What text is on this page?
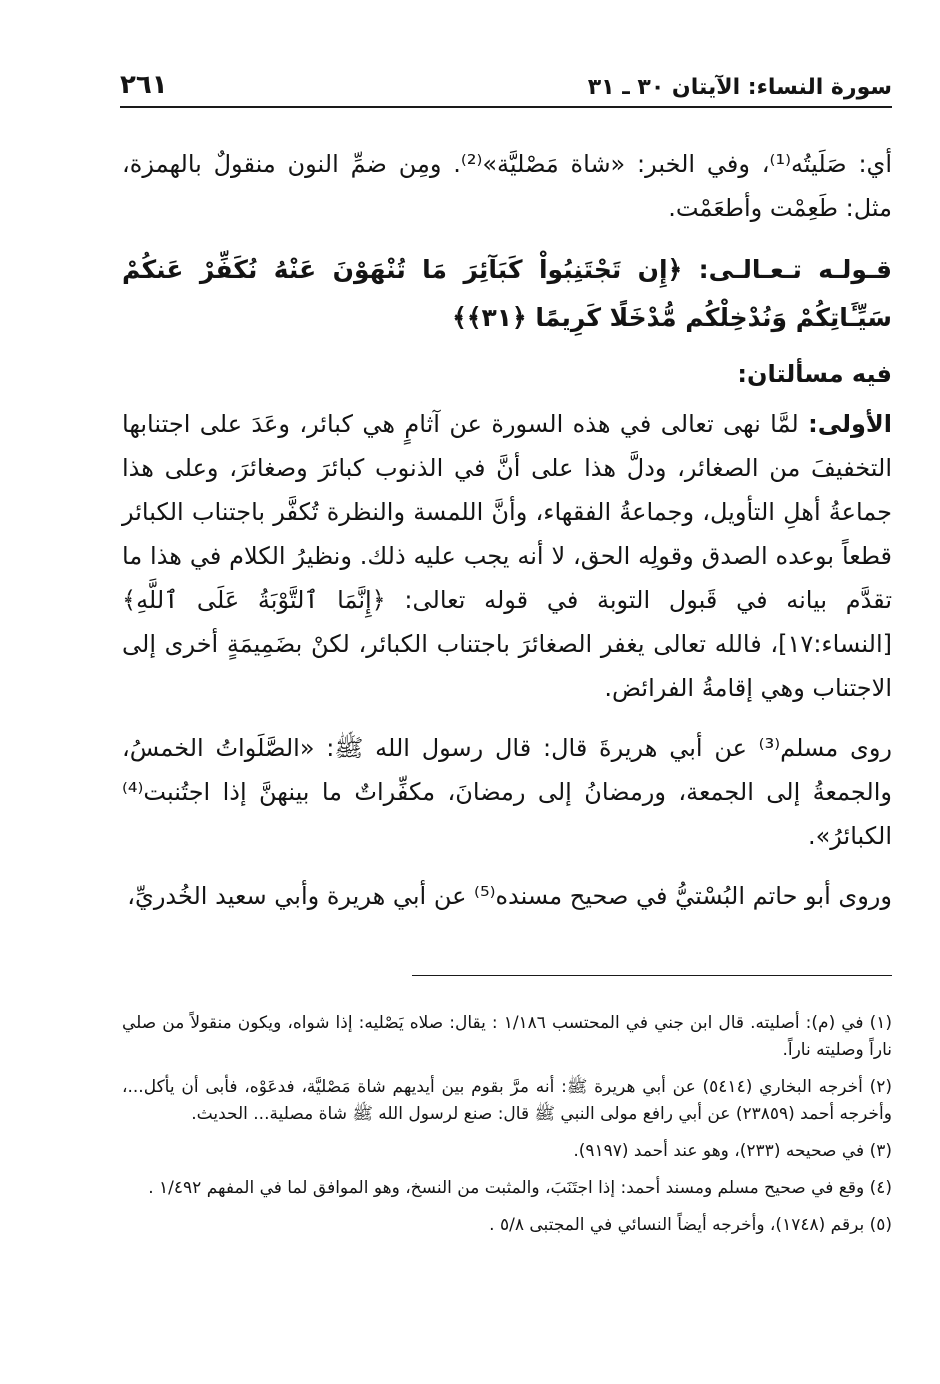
سورة النساء: الآيتان ٣٠ ـ ٣١
٢٦١

أي: صَلَيتُه⁽¹⁾، وفي الخبر: «شاة مَصْليَّة»⁽²⁾. ومِن ضمِّ النون منقولٌ بالهمزة، مثل: طَعِمْت وأطعَمْت.

قـولـه تـعـالـى: ﴿إِن تَجْتَنِبُواْ كَبَآئِرَ مَا تُنْهَوْنَ عَنْهُ نُكَفِّرْ عَنكُمْ سَيِّـَٔاتِكُمْ وَنُدْخِلْكُم مُّدْخَلًا كَرِيمًا ﴿٣١﴾﴾

فيه مسألتان:

الأولى: لمَّا نهى تعالى في هذه السورة عن آثامٍ هي كبائر، وعَدَ على اجتنابها التخفيفَ من الصغائر، ودلَّ هذا على أنَّ في الذنوب كبائرَ وصغائرَ، وعلى هذا جماعةُ أهلِ التأويل، وجماعةُ الفقهاء، وأنَّ اللمسة والنظرة تُكفَّر باجتناب الكبائر قطعاً بوعده الصدق وقولِه الحق، لا أنه يجب عليه ذلك. ونظيرُ الكلام في هذا ما تقدَّم بيانه في قَبول التوبة في قوله تعالى: ﴿إِنَّمَا ٱلتَّوْبَةُ عَلَى ٱللَّهِ﴾ [النساء:١٧]، فالله تعالى يغفر الصغائرَ باجتناب الكبائر، لكنْ بضَمِيمَةٍ أخرى إلى الاجتناب وهي إقامةُ الفرائض.

روى مسلم⁽³⁾ عن أبي هريرةَ قال: قال رسول الله ﷺ: «الصَّلَواتُ الخمسُ، والجمعةُ إلى الجمعة، ورمضانُ إلى رمضانَ، مكفِّراتٌ ما بينهنَّ إذا اجتُنبت⁽⁴⁾ الكبائرُ».

وروى أبو حاتم البُسْتيُّ في صحيح مسنده⁽⁵⁾ عن أبي هريرة وأبي سعيد الخُدريِّ،

(١) في (م): أصليته. قال ابن جني في المحتسب ١/١٨٦ : يقال: صلاه يَصْليه: إذا شواه، ويكون منقولاً من صلي ناراً وصليته ناراً.

(٢) أخرجه البخاري (٥٤١٤) عن أبي هريرة ﷺ: أنه مرَّ بقوم بين أيديهم شاة مَصْليَّة، فدعَوْه، فأبى أن يأكل...، وأخرجه أحمد (٢٣٨٥٩) عن أبي رافع مولى النبي ﷺ قال: صنع لرسول الله ﷺ شاة مصلية... الحديث.

(٣) في صحيحه (٢٣٣)، وهو عند أحمد (٩١٩٧).

(٤) وقع في صحيح مسلم ومسند أحمد: إذا اجتَنَبَ، والمثبت من النسخ، وهو الموافق لما في المفهم ١/٤٩٢ .

(٥) برقم (١٧٤٨)، وأخرجه أيضاً النسائي في المجتبى ٥/٨ .
